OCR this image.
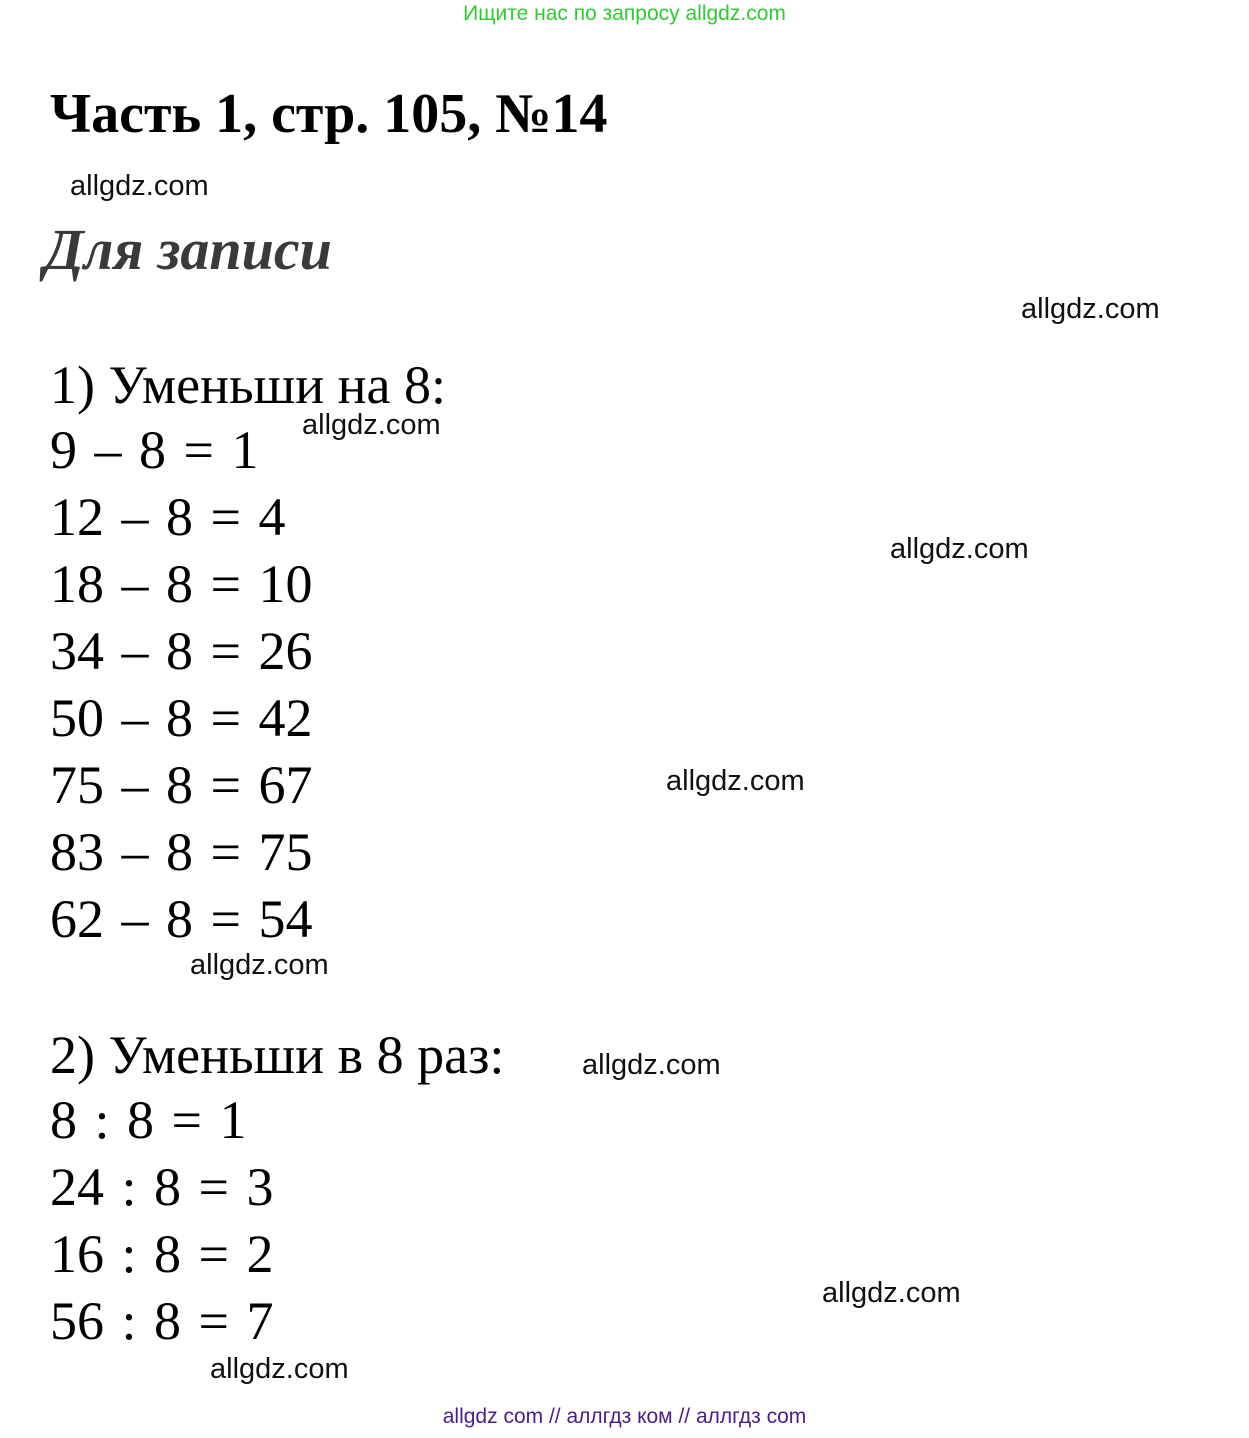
Ищите нас по запросу allgdz.com
Часть 1, стр. 105, №14
allgdz.com
Для записи
allgdz.com
1) Уменьши на 8:
allgdz.com
9 – 8 = 1
12 – 8 = 4
allgdz.com
18 – 8 = 10
34 – 8 = 26
50 – 8 = 42
75 – 8 = 67	allgdz.com
83 – 8 = 75
62 – 8 = 54
allgdz.com
2) Уменьши в 8 раз:	allgdz.com
8 : 8 = 1
24 : 8 = 3
16 : 8 = 2
allgdz.com
56 : 8 = 7
allgdz.com
allgdz com // аллгдз ком // аллгдз com
